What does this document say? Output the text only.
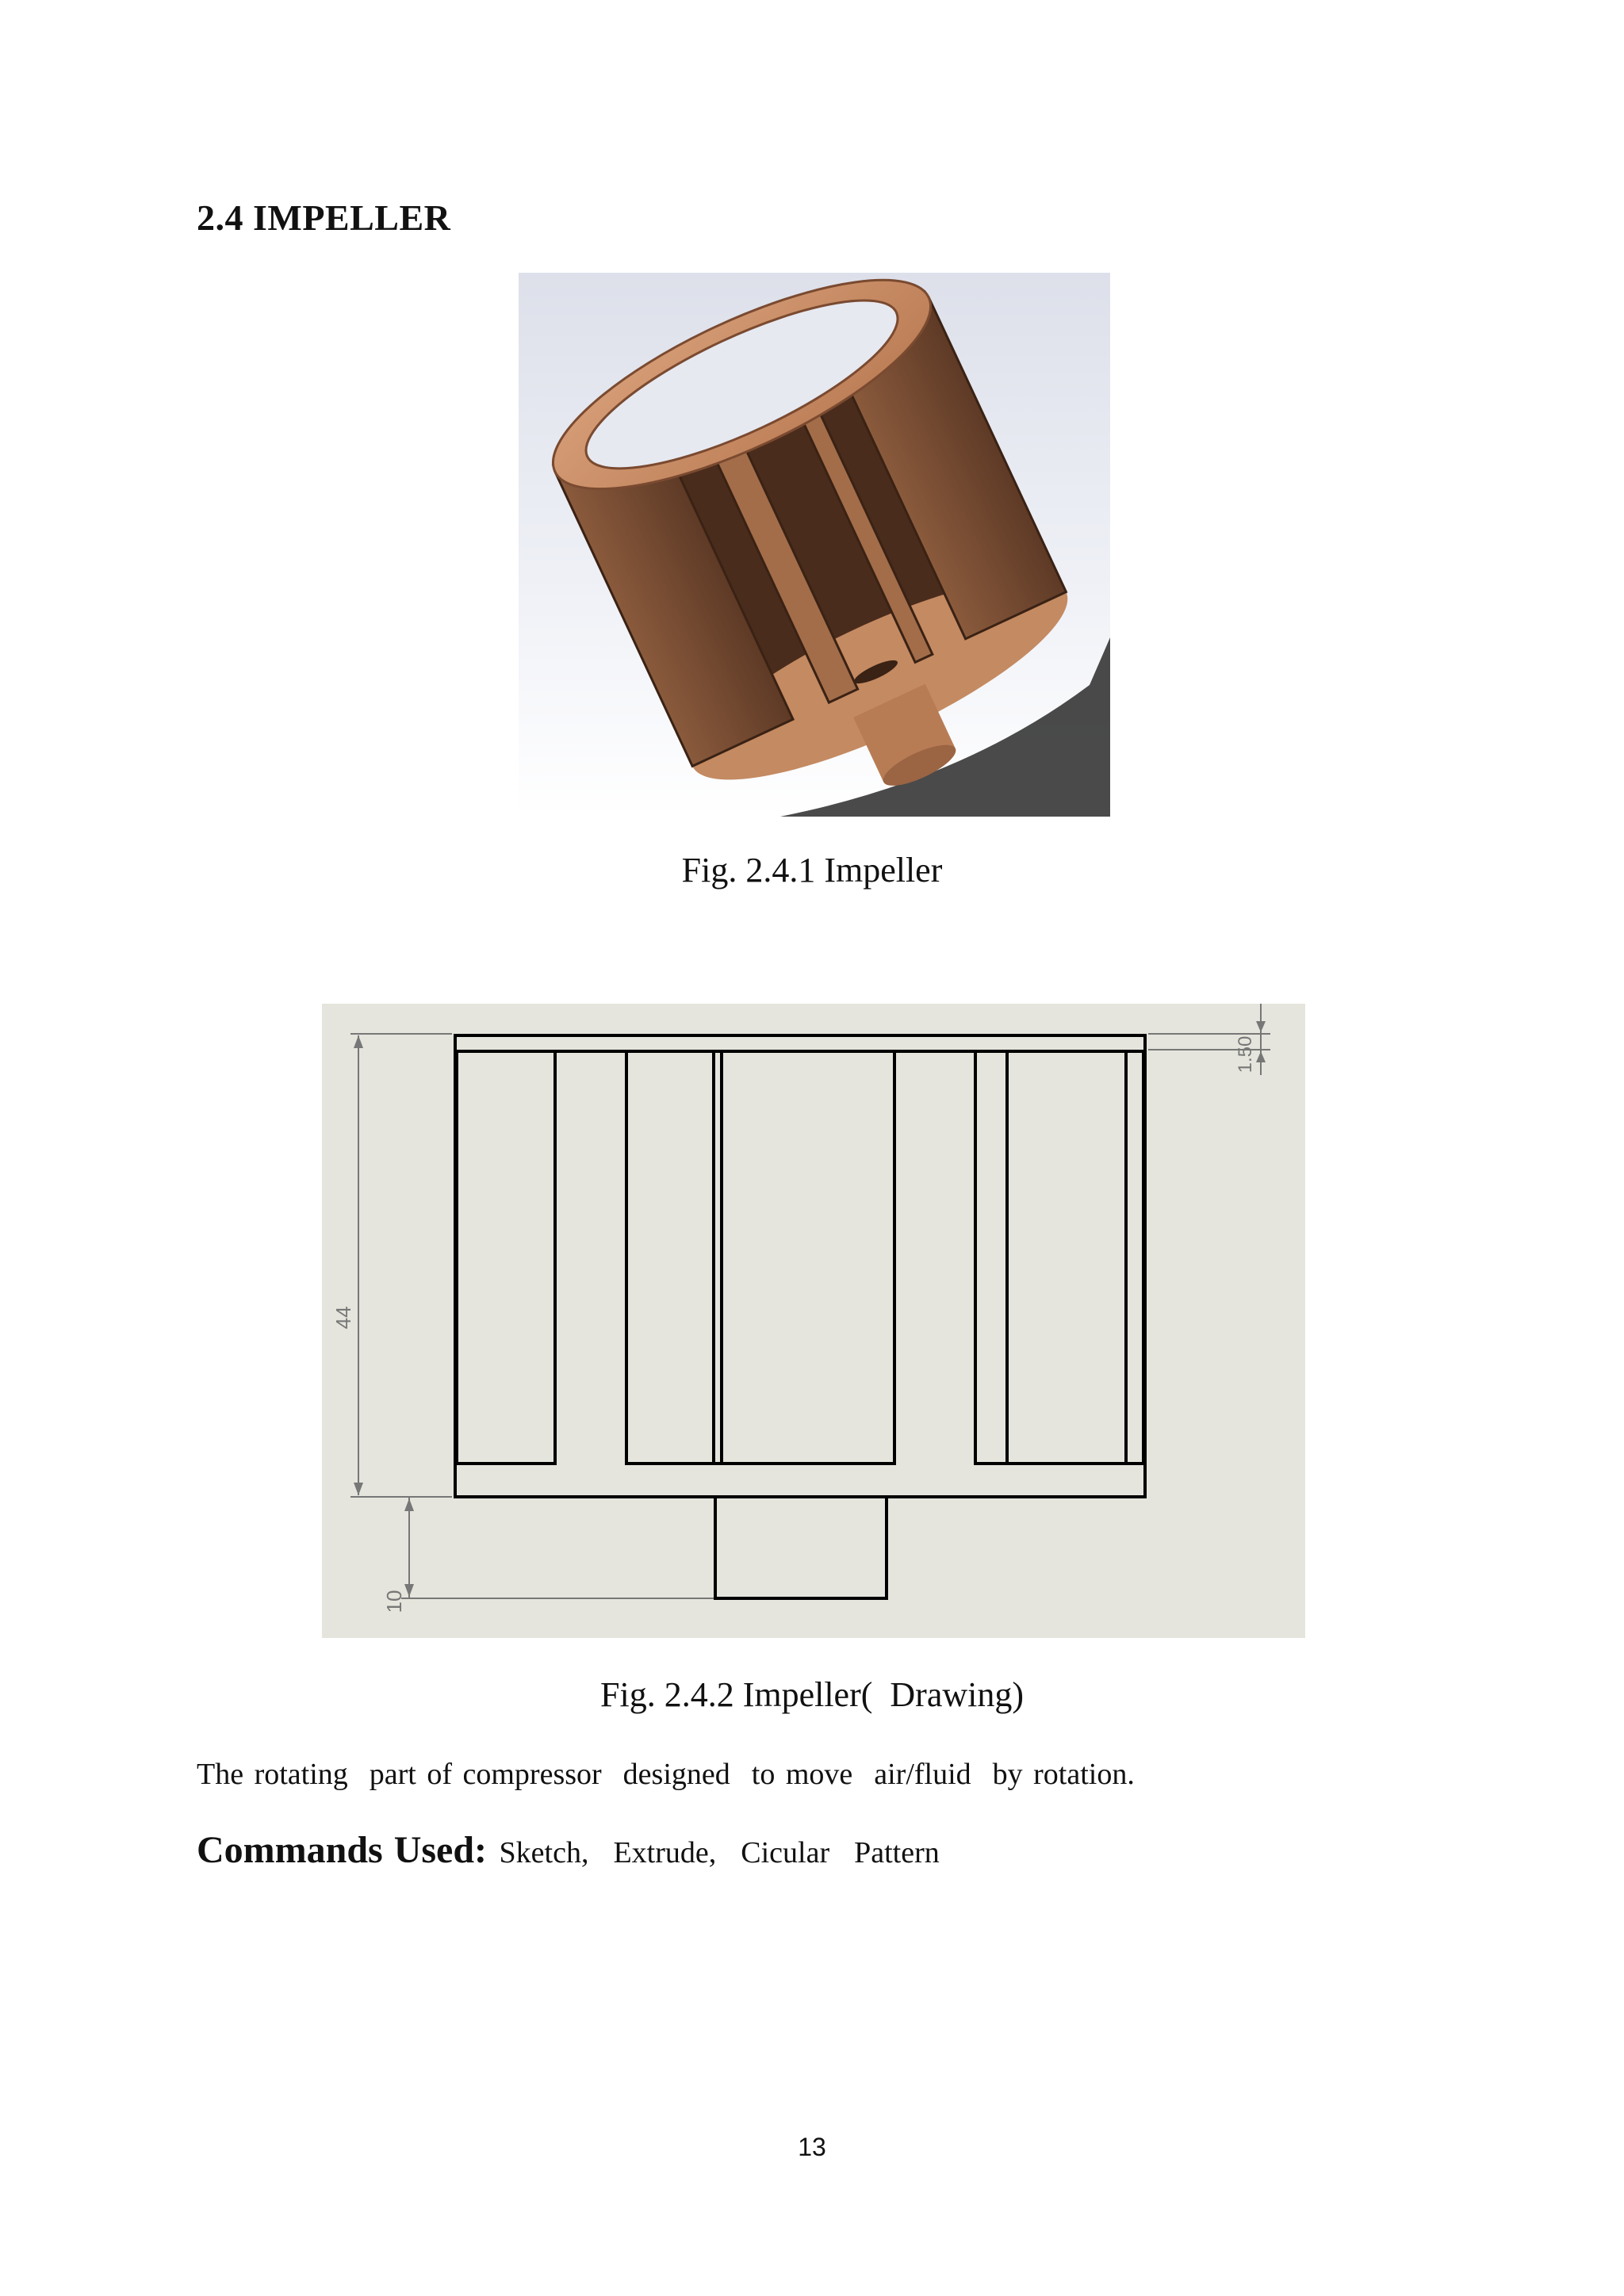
2.4 IMPELLER
Fig. 2.4.1 Impeller
44
10
1.50
Fig. 2.4.2 Impeller(  Drawing)
The rotating  part of compressor  designed  to move  air/fluid  by rotation.
Commands Used: Sketch,  Extrude,  Cicular  Pattern
13
